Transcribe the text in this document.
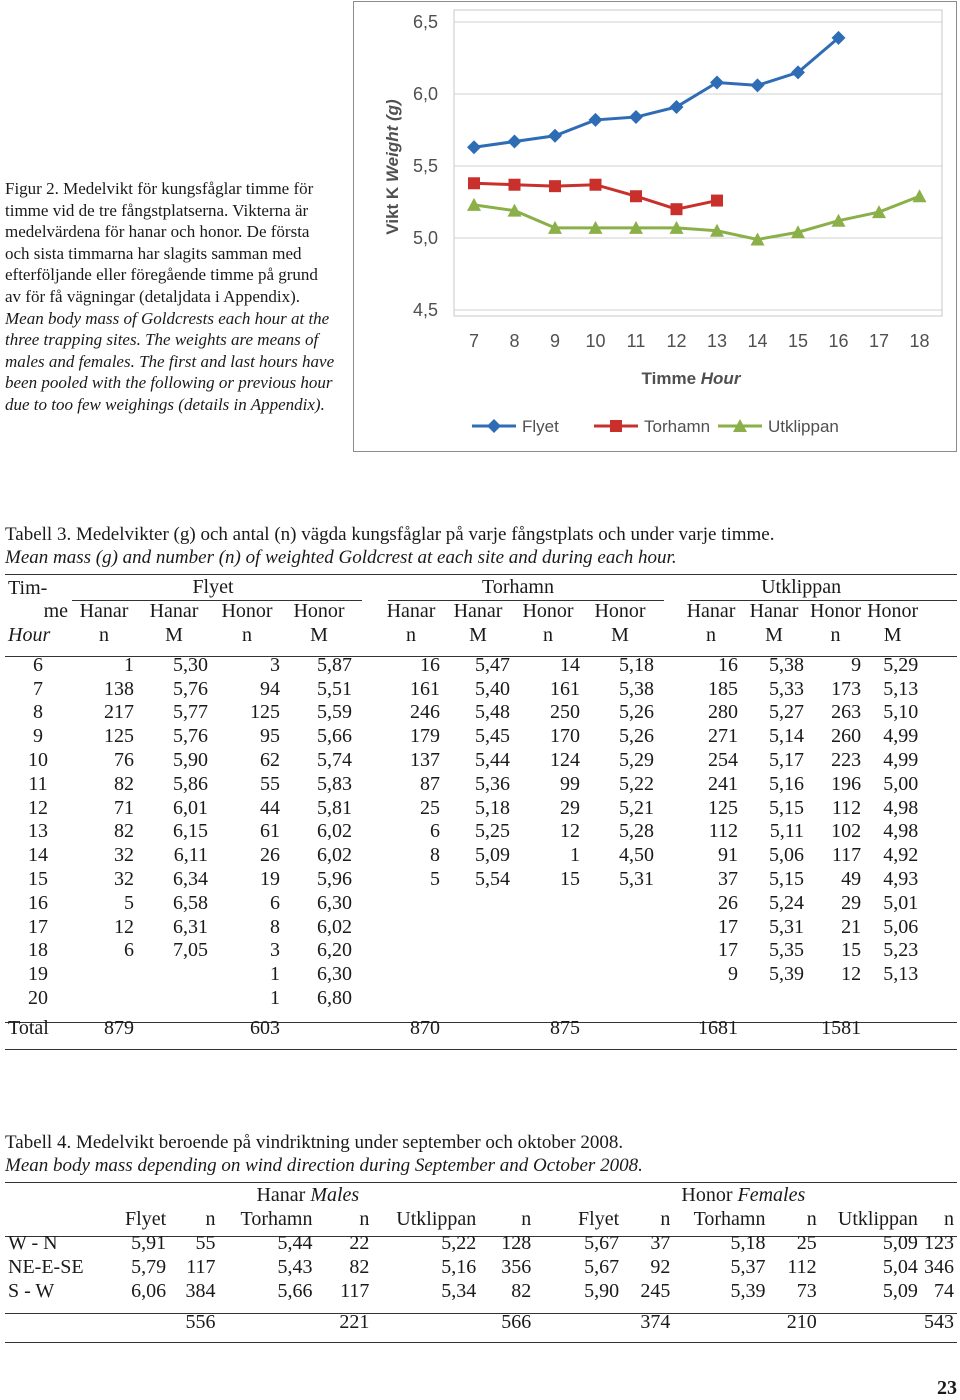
Figur 2. Medelvikt för kungsfåglar timme för timme vid de tre fångstplatserna. Vikterna är medelvärdena för hanar och honor. De första och sista timmarna har slagits samman med efterföljande eller föregående timme på grund av för få vägningar (detaljdata i Appendix).
Mean body mass of Goldcrests each hour at the three trapping sites. The weights are means of males and females. The first and last hours have been pooled with the following or previous hour due to too few weighings (details in Appendix).
4,5
5,0
5,5
6,0
6,5
7 8 9 10 11 12 13 14 15 16 17 18
Vikt K Weight (g)
Timme Hour
Flyet	Torhamn	Utklippan
Tabell 3. Medelvikter (g) och antal (n) vägda kungsfåglar på varje fångstplats och under varje timme.
Mean mass (g) and number (n) of weighted Goldcrest at each site and during each hour.
Tim-	Flyet					Torhamn					Utklippan				
me	Hanar	Hanar	Honor	Honor		Hanar	Hanar	Honor	Honor		Hanar	Hanar	Honor	Honor	
Hour	n	M	n	M		n	M	n	M		n	M	n	M	

6	1	5,30	3	5,87		16	5,47	14	5,18		16	5,38	9	5,29	
7	138	5,76	94	5,51		161	5,40	161	5,38		185	5,33	173	5,13	
8	217	5,77	125	5,59		246	5,48	250	5,26		280	5,27	263	5,10	
9	125	5,76	95	5,66		179	5,45	170	5,26		271	5,14	260	4,99	
10	76	5,90	62	5,74		137	5,44	124	5,29		254	5,17	223	4,99	
11	82	5,86	55	5,83		87	5,36	99	5,22		241	5,16	196	5,00	
12	71	6,01	44	5,81		25	5,18	29	5,21		125	5,15	112	4,98	
13	82	6,15	61	6,02		6	5,25	12	5,28		112	5,11	102	4,98	
14	32	6,11	26	6,02		8	5,09	1	4,50		91	5,06	117	4,92	
15	32	6,34	19	5,96		5	5,54	15	5,31		37	5,15	49	4,93	
16	5	6,58	6	6,30							26	5,24	29	5,01	
17	12	6,31	8	6,02							17	5,31	21	5,06	
18	6	7,05	3	6,20							17	5,35	15	5,23	
19			1	6,30							9	5,39	12	5,13	
20			1	6,80											

Total	879		603			870		875			1681		1581		
Tabell 4. Medelvikt beroende på vindriktning under september och oktober 2008.
Mean body mass depending on wind direction during September and October 2008.
			Hanar Males						Honor Females			
	Flyet	n	Torhamn	n	Utklippan	n	Flyet	n	Torhamn	n	Utklippan	n
W - N	5,91	55	5,44	22	5,22	128	5,67	37	5,18	25	5,09	123
NE-E-SE	5,79	117	5,43	82	5,16	356	5,67	92	5,37	112	5,04	346
S - W	6,06	384	5,66	117	5,34	82	5,90	245	5,39	73	5,09	74

		556		221		566		374		210		543
23
